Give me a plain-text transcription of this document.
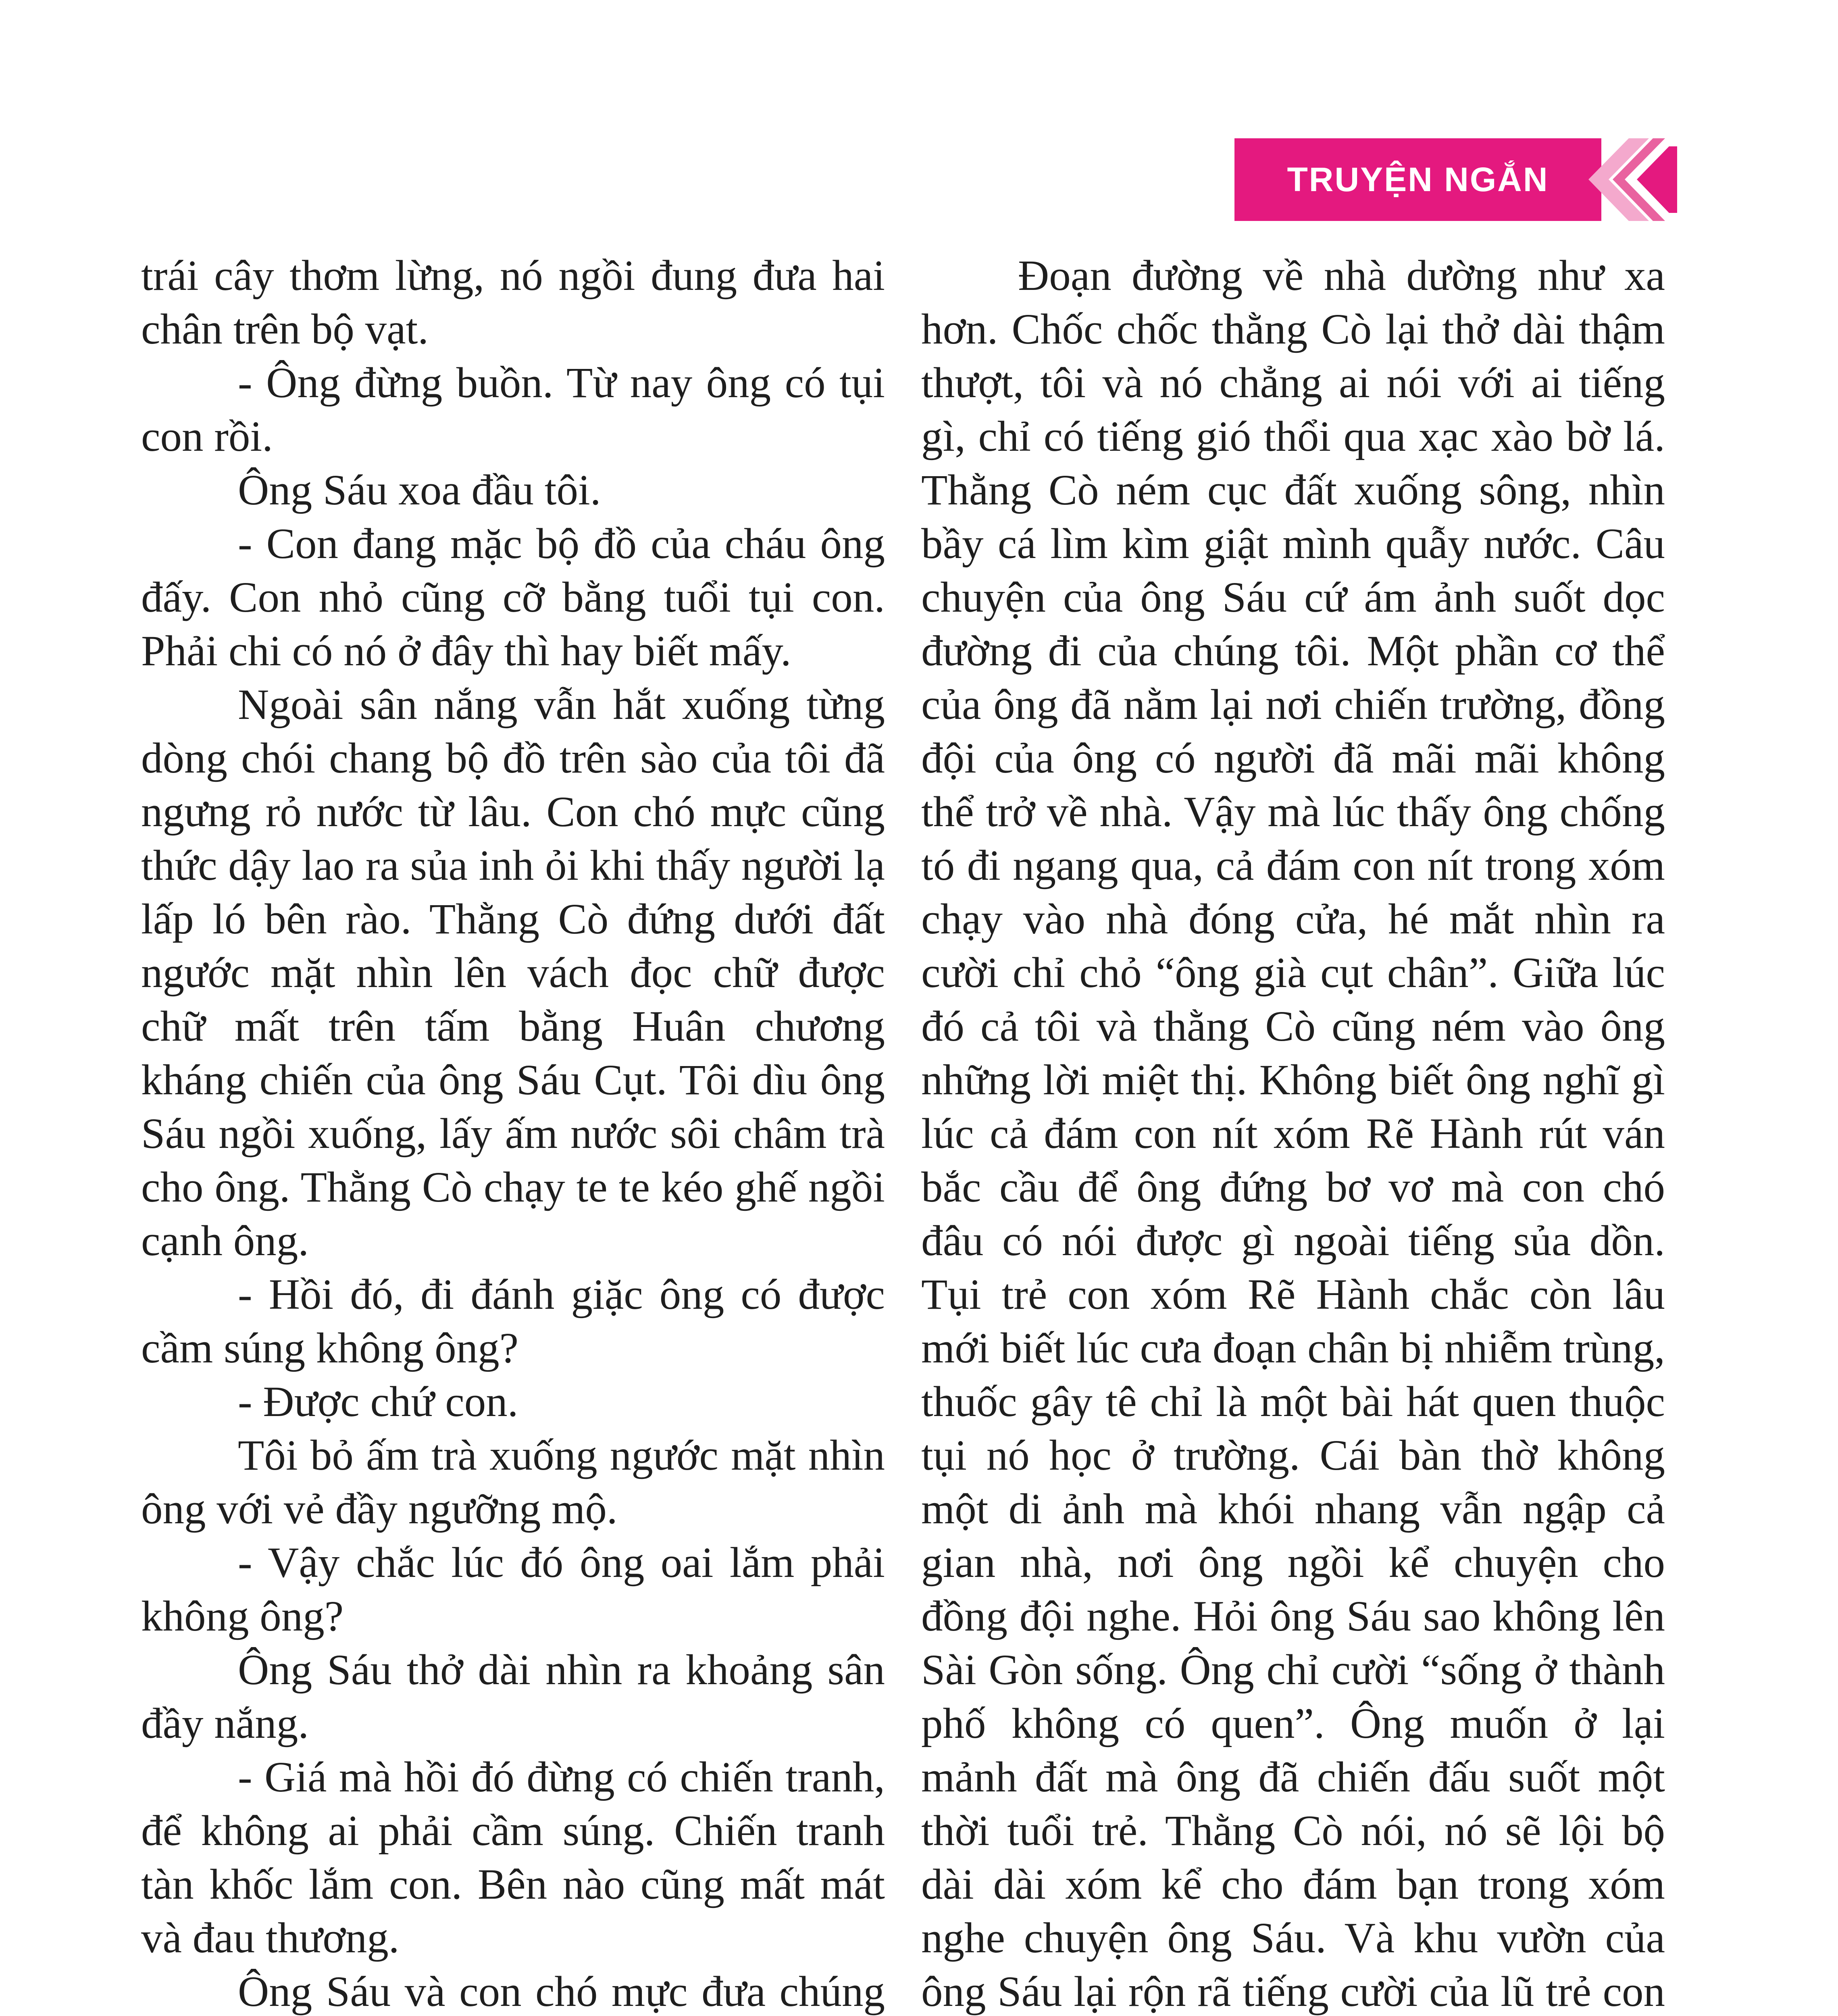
TRUYỆN NGẮN

trái cây thơm lừng, nó ngồi đung đưa hai chân trên bộ vạt.

- Ông đừng buồn. Từ nay ông có tụi con rồi.

Ông Sáu xoa đầu tôi.

- Con đang mặc bộ đồ của cháu ông đấy. Con nhỏ cũng cỡ bằng tuổi tụi con. Phải chi có nó ở đây thì hay biết mấy.

Ngoài sân nắng vẫn hắt xuống từng dòng chói chang bộ đồ trên sào của tôi đã ngưng rỏ nước từ lâu. Con chó mực cũng thức dậy lao ra sủa inh ỏi khi thấy người lạ lấp ló bên rào. Thằng Cò đứng dưới đất ngước mặt nhìn lên vách đọc chữ được chữ mất trên tấm bằng Huân chương kháng chiến của ông Sáu Cụt. Tôi dìu ông Sáu ngồi xuống, lấy ấm nước sôi châm trà cho ông. Thằng Cò chạy te te kéo ghế ngồi cạnh ông.

- Hồi đó, đi đánh giặc ông có được cầm súng không ông?

- Được chứ con.

Tôi bỏ ấm trà xuống ngước mặt nhìn ông với vẻ đầy ngưỡng mộ.

- Vậy chắc lúc đó ông oai lắm phải không ông?

Ông Sáu thở dài nhìn ra khoảng sân đầy nắng.

- Giá mà hồi đó đừng có chiến tranh, để không ai phải cầm súng. Chiến tranh tàn khốc lắm con. Bên nào cũng mất mát và đau thương.

Ông Sáu và con chó mực đưa chúng

Đoạn đường về nhà dường như xa hơn. Chốc chốc thằng Cò lại thở dài thậm thượt, tôi và nó chẳng ai nói với ai tiếng gì, chỉ có tiếng gió thổi qua xạc xào bờ lá. Thằng Cò ném cục đất xuống sông, nhìn bầy cá lìm kìm giật mình quẫy nước. Câu chuyện của ông Sáu cứ ám ảnh suốt dọc đường đi của chúng tôi. Một phần cơ thể của ông đã nằm lại nơi chiến trường, đồng đội của ông có người đã mãi mãi không thể trở về nhà. Vậy mà lúc thấy ông chống tó đi ngang qua, cả đám con nít trong xóm chạy vào nhà đóng cửa, hé mắt nhìn ra cười chỉ chỏ “ông già cụt chân”. Giữa lúc đó cả tôi và thằng Cò cũng ném vào ông những lời miệt thị. Không biết ông nghĩ gì lúc cả đám con nít xóm Rẽ Hành rút ván bắc cầu để ông đứng bơ vơ mà con chó đâu có nói được gì ngoài tiếng sủa dồn. Tụi trẻ con xóm Rẽ Hành chắc còn lâu mới biết lúc cưa đoạn chân bị nhiễm trùng, thuốc gây tê chỉ là một bài hát quen thuộc tụi nó học ở trường. Cái bàn thờ không một di ảnh mà khói nhang vẫn ngập cả gian nhà, nơi ông ngồi kể chuyện cho đồng đội nghe. Hỏi ông Sáu sao không lên Sài Gòn sống. Ông chỉ cười “sống ở thành phố không có quen”. Ông muốn ở lại mảnh đất mà ông đã chiến đấu suốt một thời tuổi trẻ. Thằng Cò nói, nó sẽ lội bộ dài dài xóm kể cho đám bạn trong xóm nghe chuyện ông Sáu. Và khu vườn của ông Sáu lại rộn rã tiếng cười của lũ trẻ con
